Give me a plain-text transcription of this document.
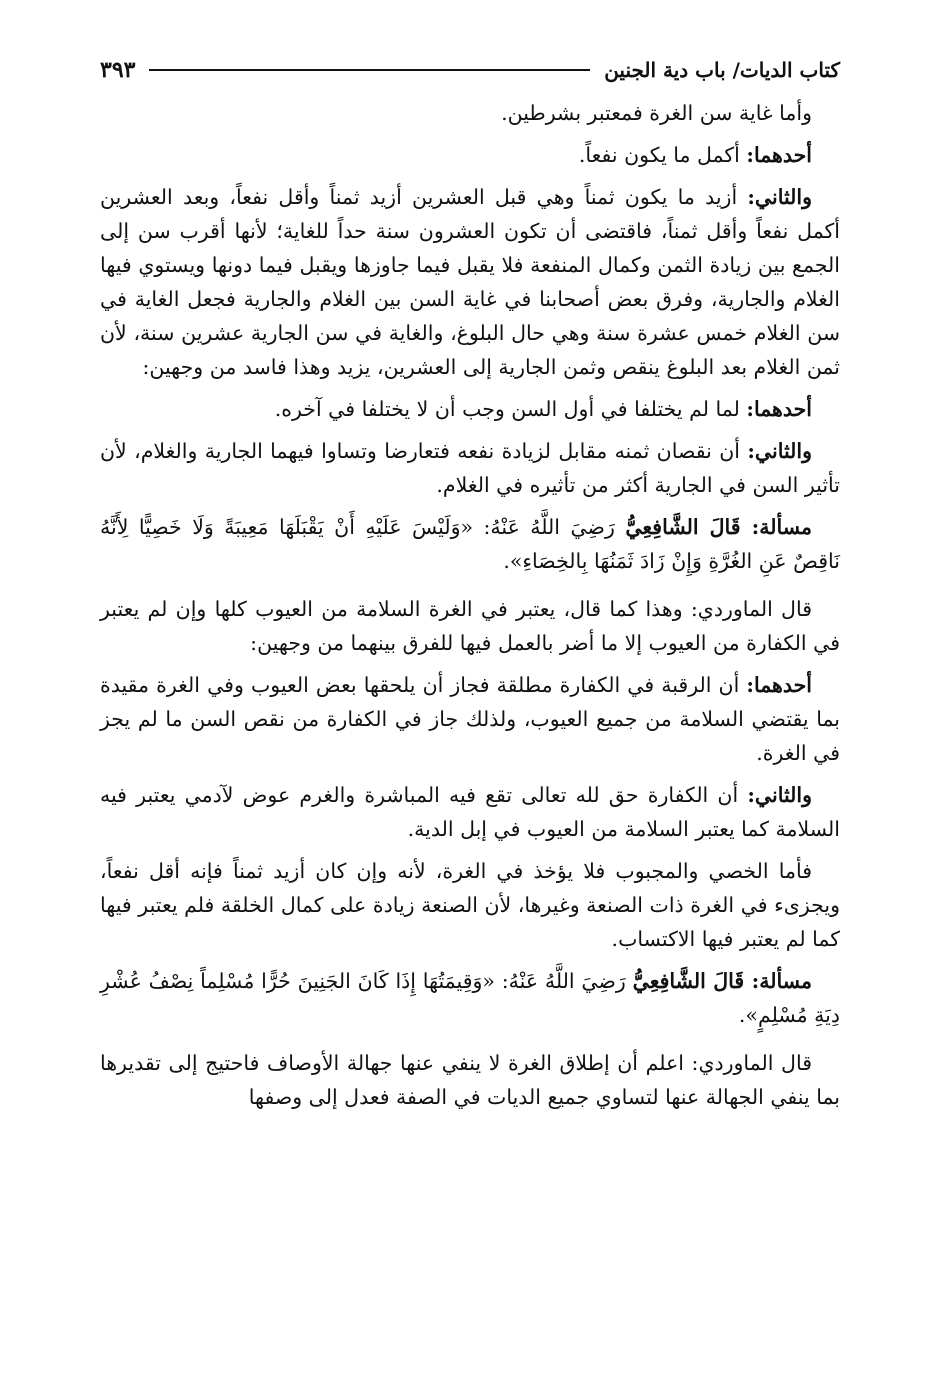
كتاب الديات/ باب دية الجنين
٣٩٣

وأما غاية سن الغرة فمعتبر بشرطين.

أحدهما: أكمل ما يكون نفعاً.

والثاني: أزيد ما يكون ثمناً وهي قبل العشرين أزيد ثمناً وأقل نفعاً، وبعد العشرين أكمل نفعاً وأقل ثمناً، فاقتضى أن تكون العشرون سنة حداً للغاية؛ لأنها أقرب سن إلى الجمع بين زيادة الثمن وكمال المنفعة فلا يقبل فيما جاوزها ويقبل فيما دونها ويستوي فيها الغلام والجارية، وفرق بعض أصحابنا في غاية السن بين الغلام والجارية فجعل الغاية في سن الغلام خمس عشرة سنة وهي حال البلوغ، والغاية في سن الجارية عشرين سنة، لأن ثمن الغلام بعد البلوغ ينقص وثمن الجارية إلى العشرين، يزيد وهذا فاسد من وجهين:

أحدهما: لما لم يختلفا في أول السن وجب أن لا يختلفا في آخره.

والثاني: أن نقصان ثمنه مقابل لزيادة نفعه فتعارضا وتساوا فيهما الجارية والغلام، لأن تأثير السن في الجارية أكثر من تأثيره في الغلام.

مسألة: قَالَ الشَّافِعِيُّ رَضِيَ اللَّهُ عَنْهُ: «وَلَيْسَ عَلَيْهِ أَنْ يَقْبَلَهَا مَعِيبَةً وَلَا خَصِيًّا لِأَنَّهُ نَاقِصٌ عَنِ الغُرَّةِ وَإِنْ زَادَ ثَمَنُهَا بِالخِصَاءِ».

قال الماوردي: وهذا كما قال، يعتبر في الغرة السلامة من العيوب كلها وإن لم يعتبر في الكفارة من العيوب إلا ما أضر بالعمل فيها للفرق بينهما من وجهين:

أحدهما: أن الرقبة في الكفارة مطلقة فجاز أن يلحقها بعض العيوب وفي الغرة مقيدة بما يقتضي السلامة من جميع العيوب، ولذلك جاز في الكفارة من نقص السن ما لم يجز في الغرة.

والثاني: أن الكفارة حق لله تعالى تقع فيه المباشرة والغرم عوض لآدمي يعتبر فيه السلامة كما يعتبر السلامة من العيوب في إبل الدية.

فأما الخصي والمجبوب فلا يؤخذ في الغرة، لأنه وإن كان أزيد ثمناً فإنه أقل نفعاً، ويجزىء في الغرة ذات الصنعة وغيرها، لأن الصنعة زيادة على كمال الخلقة فلم يعتبر فيها كما لم يعتبر فيها الاكتساب.

مسألة: قَالَ الشَّافِعِيُّ رَضِيَ اللَّهُ عَنْهُ: «وَقِيمَتُهَا إِذَا كَانَ الجَنِينَ حُرًّا مُسْلِماً نِصْفُ عُشْرِ دِيَةِ مُسْلِمٍ».

قال الماوردي: اعلم أن إطلاق الغرة لا ينفي عنها جهالة الأوصاف فاحتيج إلى تقديرها بما ينفي الجهالة عنها لتساوي جميع الديات في الصفة فعدل إلى وصفها
